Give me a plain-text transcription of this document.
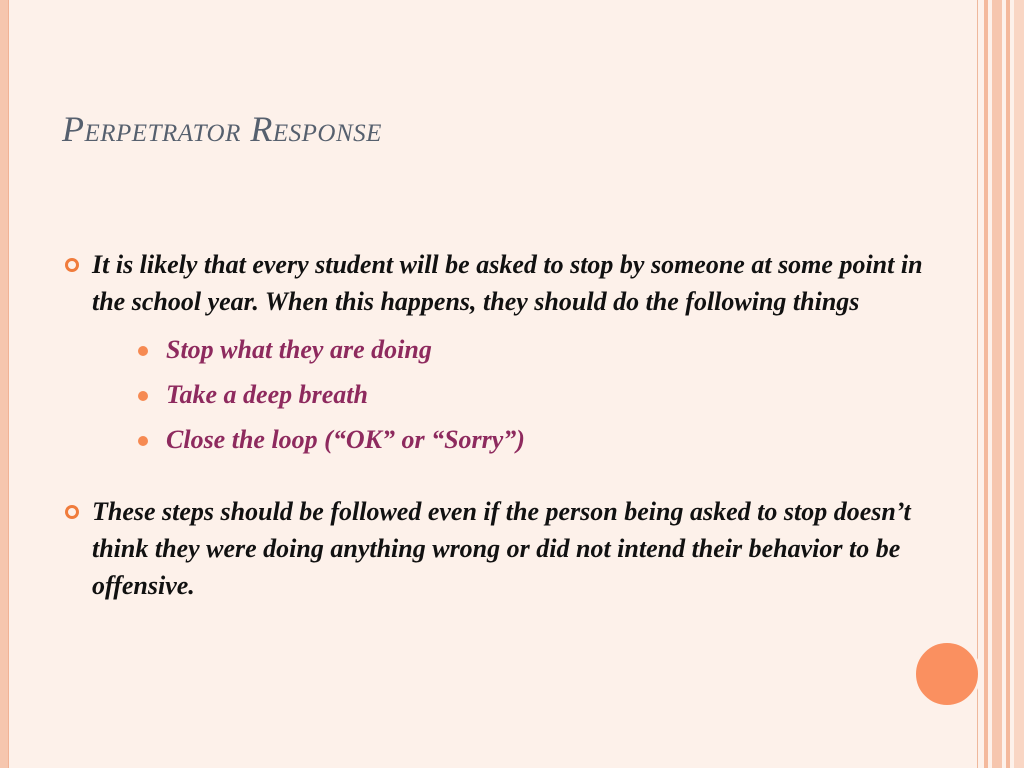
Perpetrator Response
It is likely that every student will be asked to stop by someone at some point in the school year. When this happens, they should do the following things
Stop what they are doing
Take a deep breath
Close the loop (“OK” or “Sorry”)
These steps should be followed even if the person being asked to stop doesn’t think they were doing anything wrong or did not intend their behavior to be offensive.
